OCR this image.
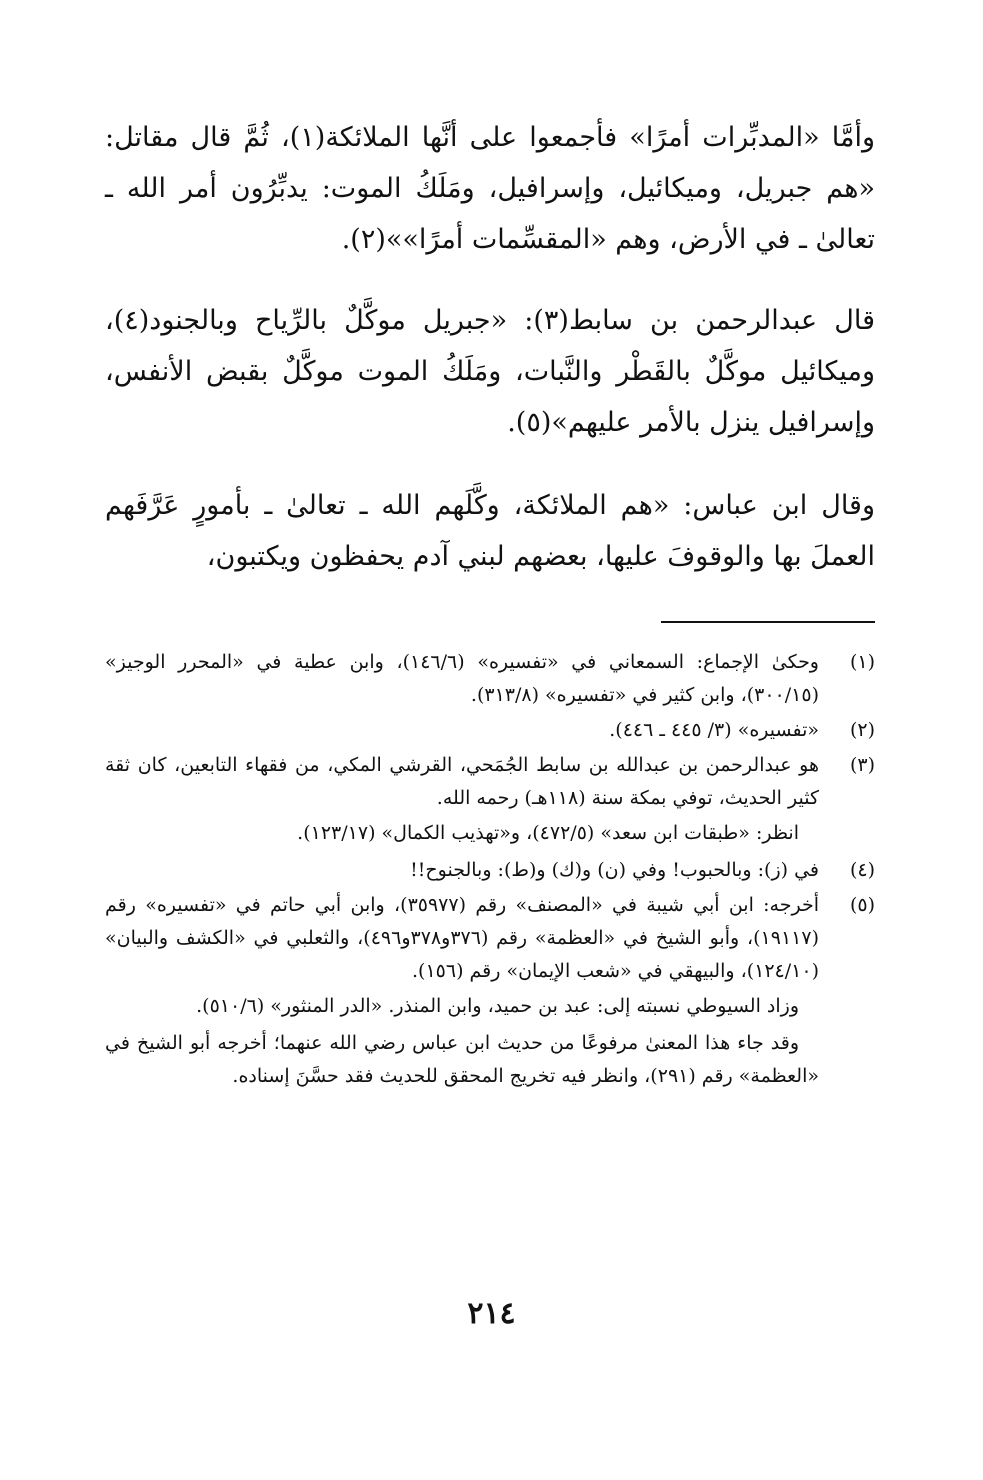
وأمَّا «المدبِّرات أمرًا» فأجمعوا على أنَّها الملائكة(١)، ثُمَّ قال مقاتل: «هم جبريل، وميكائيل، وإسرافيل، ومَلَكُ الموت: يدبِّرُون أمر الله ـ تعالىٰ ـ في الأرض، وهم «المقسِّمات أمرًا»»(٢).

قال عبدالرحمن بن سابط(٣): «جبريل موكَّلٌ بالرِّياح وبالجنود(٤)، وميكائيل موكَّلٌ بالقَطْر والنَّبات، ومَلَكُ الموت موكَّلٌ بقبض الأنفس، وإسرافيل ينزل بالأمر عليهم»(٥).

وقال ابن عباس: «هم الملائكة، وكَّلَهم الله ـ تعالىٰ ـ بأمورٍ عَرَّفَهم العملَ بها والوقوفَ عليها، بعضهم لبني آدم يحفظون ويكتبون،

(١)
وحكىٰ الإجماع: السمعاني في «تفسيره» (١٤٦/٦)، وابن عطية في «المحرر الوجيز» (٣٠٠/١٥)، وابن كثير في «تفسيره» (٣١٣/٨).
(٢)
«تفسيره» (٣/ ٤٤٥ ـ ٤٤٦).
(٣)
هو عبدالرحمن بن عبدالله بن سابط الجُمَحي، القرشي المكي، من فقهاء التابعين، كان ثقة كثير الحديث، توفي بمكة سنة (١١٨هـ) رحمه الله.
انظر: «طبقات ابن سعد» (٤٧٢/٥)، و«تهذيب الكمال» (١٢٣/١٧).
(٤)
في (ز): وبالحبوب! وفي (ن) و(ك) و(ط): وبالجنوح!!
(٥)
أخرجه: ابن أبي شيبة في «المصنف» رقم (٣٥٩٧٧)، وابن أبي حاتم في «تفسيره» رقم (١٩١١٧)، وأبو الشيخ في «العظمة» رقم (٣٧٦و٣٧٨و٤٩٦)، والثعلبي في «الكشف والبيان» (١٢٤/١٠)، والبيهقي في «شعب الإيمان» رقم (١٥٦).
وزاد السيوطي نسبته إلى: عبد بن حميد، وابن المنذر. «الدر المنثور» (٥١٠/٦).
وقد جاء هذا المعنىٰ مرفوعًا من حديث ابن عباس رضي الله عنهما؛ أخرجه أبو الشيخ في «العظمة» رقم (٢٩١)، وانظر فيه تخريج المحقق للحديث فقد حسَّنَ إسناده.
٢١٤
